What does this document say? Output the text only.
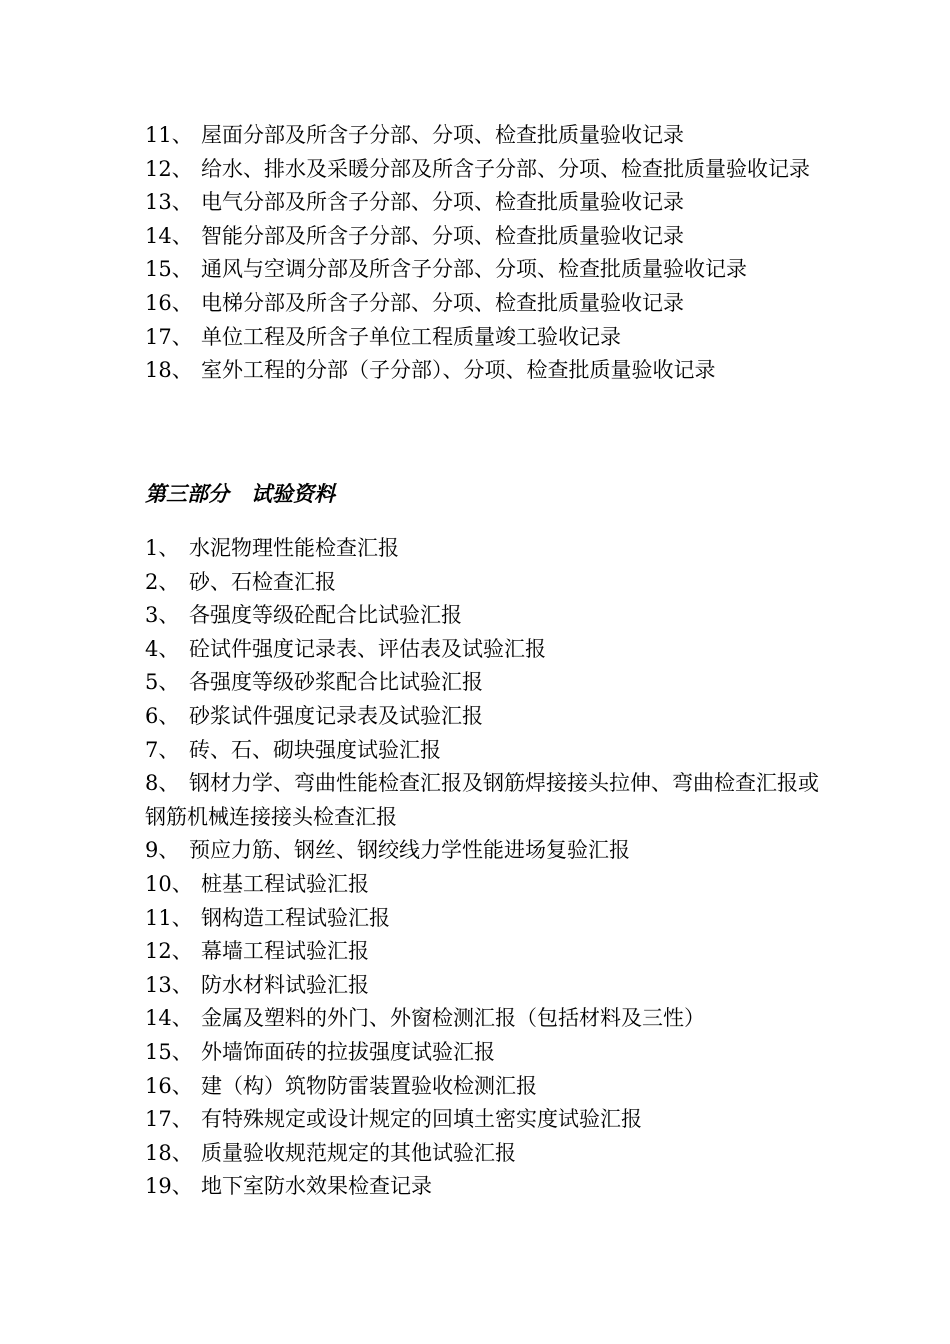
11、 屋面分部及所含子分部、分项、检查批质量验收记录
12、 给水、排水及采暖分部及所含子分部、分项、检查批质量验收记录
13、 电气分部及所含子分部、分项、检查批质量验收记录
14、 智能分部及所含子分部、分项、检查批质量验收记录
15、 通风与空调分部及所含子分部、分项、检查批质量验收记录
16、 电梯分部及所含子分部、分项、检查批质量验收记录
17、 单位工程及所含子单位工程质量竣工验收记录
18、 室外工程的分部（子分部）、分项、检查批质量验收记录
第三部分 试验资料
1、 水泥物理性能检查汇报
2、 砂、石检查汇报
3、 各强度等级砼配合比试验汇报
4、 砼试件强度记录表、评估表及试验汇报
5、 各强度等级砂浆配合比试验汇报
6、 砂浆试件强度记录表及试验汇报
7、 砖、石、砌块强度试验汇报
8、 钢材力学、弯曲性能检查汇报及钢筋焊接接头拉伸、弯曲检查汇报或钢筋机械连接接头检查汇报
9、 预应力筋、钢丝、钢绞线力学性能进场复验汇报
10、 桩基工程试验汇报
11、 钢构造工程试验汇报
12、 幕墙工程试验汇报
13、 防水材料试验汇报
14、 金属及塑料的外门、外窗检测汇报（包括材料及三性）
15、 外墙饰面砖的拉拔强度试验汇报
16、 建（构）筑物防雷装置验收检测汇报
17、 有特殊规定或设计规定的回填土密实度试验汇报
18、 质量验收规范规定的其他试验汇报
19、 地下室防水效果检查记录
